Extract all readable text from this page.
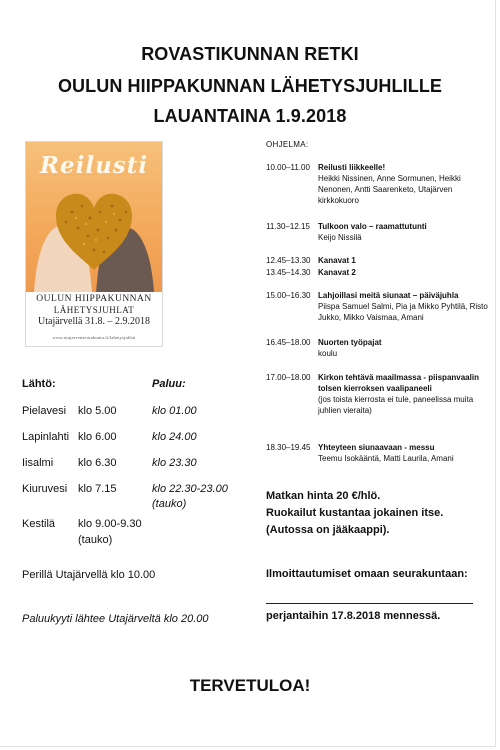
ROVASTIKUNNAN RETKI
OULUN HIIPPAKUNNAN LÄHETYSJUHLILLE
LAUANTAINA 1.9.2018
Reilusti
OULUN HIIPPAKUNNAN
LÄHETYSJUHLAT
Utajärvellä 31.8. – 2.9.2018
www.utajarvenseurakunta.fi/lahetysjuhlat
Lähtö:	Paluu:
Pielavesi klo 5.00	klo 01.00
Lapinlahti klo 6.00	klo 24.00
Iisalmi klo 6.30	klo 23.30
Kiuruvesi klo 7.15	klo 22.30-23.00
(tauko)
Kestilä klo 9.00-9.30
(tauko)
Perillä Utajärvellä klo 10.00
Paluukyyti lähtee Utajärveltä klo 20.00
OHJELMA:
10.00–11.00	Reilusti liikkeelle!
Heikki Nissinen, Anne Sormunen, Heikki Nenonen, Antti Saarenketo, Utajärven kirkkokuoro
11.30–12.15	Tulkoon valo – raamattutunti
Keijo Nissilä
12.45–13.30 Kanavat 1
13.45–14.30 Kanavat 2
15.00–16.30 Lahjoillasi meitä siunaat – päiväjuhla
Piispa Samuel Salmi, Pia ja Mikko Pyhtilä, Risto Jukko, Mikko Vaismaa, Amani
16.45–18.00 Nuorten työpajat
koulu
17.00–18.00 Kirkon tehtävä maailmassa - piispanvaalin tolsen kierroksen vaalipaneeli
(jos toista kierrosta ei tule, paneelissa muita juhlien vieraita)
18.30–19.45 Yhteyteen siunaavaan - messu
Teemu Isokääntä, Matti Laurila, Amani
Matkan hinta 20 €/hlö.
Ruokailut kustantaa jokainen itse.
(Autossa on jääkaappi).
Ilmoittautumiset omaan seurakuntaan:
perjantaihin 17.8.2018 mennessä.
TERVETULOA!
